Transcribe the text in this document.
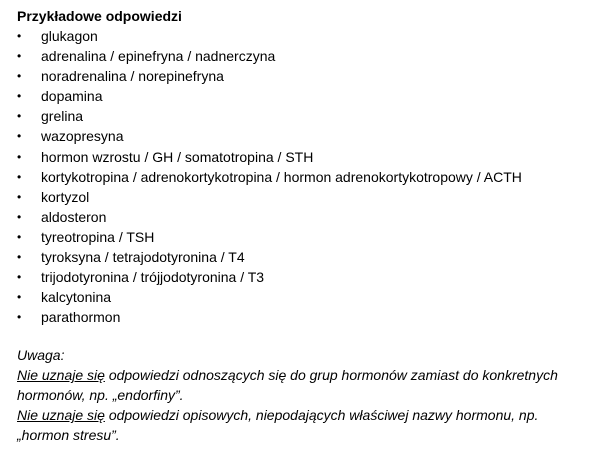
Przykładowe odpowiedzi

•	glukagon
•	adrenalina / epinefryna / nadnerczyna
•	noradrenalina / norepinefryna
•	dopamina
•	grelina
•	wazopresyna
•	hormon wzrostu / GH / somatotropina / STH
•	kortykotropina / adrenokortykotropina / hormon adrenokortykotropowy / ACTH
•	kortyzol
•	aldosteron
•	tyreotropina / TSH
•	tyroksyna / tetrajodotyronina / T4
•	trijodotyronina / trójjodotyronina / T3
•	kalcytonina
•	parathormon

Uwaga:

Nie uznaje się odpowiedzi odnoszących się do grup hormonów zamiast do konkretnych hormonów, np. „endorfiny”.

Nie uznaje się odpowiedzi opisowych, niepodających właściwej nazwy hormonu, np. „hormon stresu”.
